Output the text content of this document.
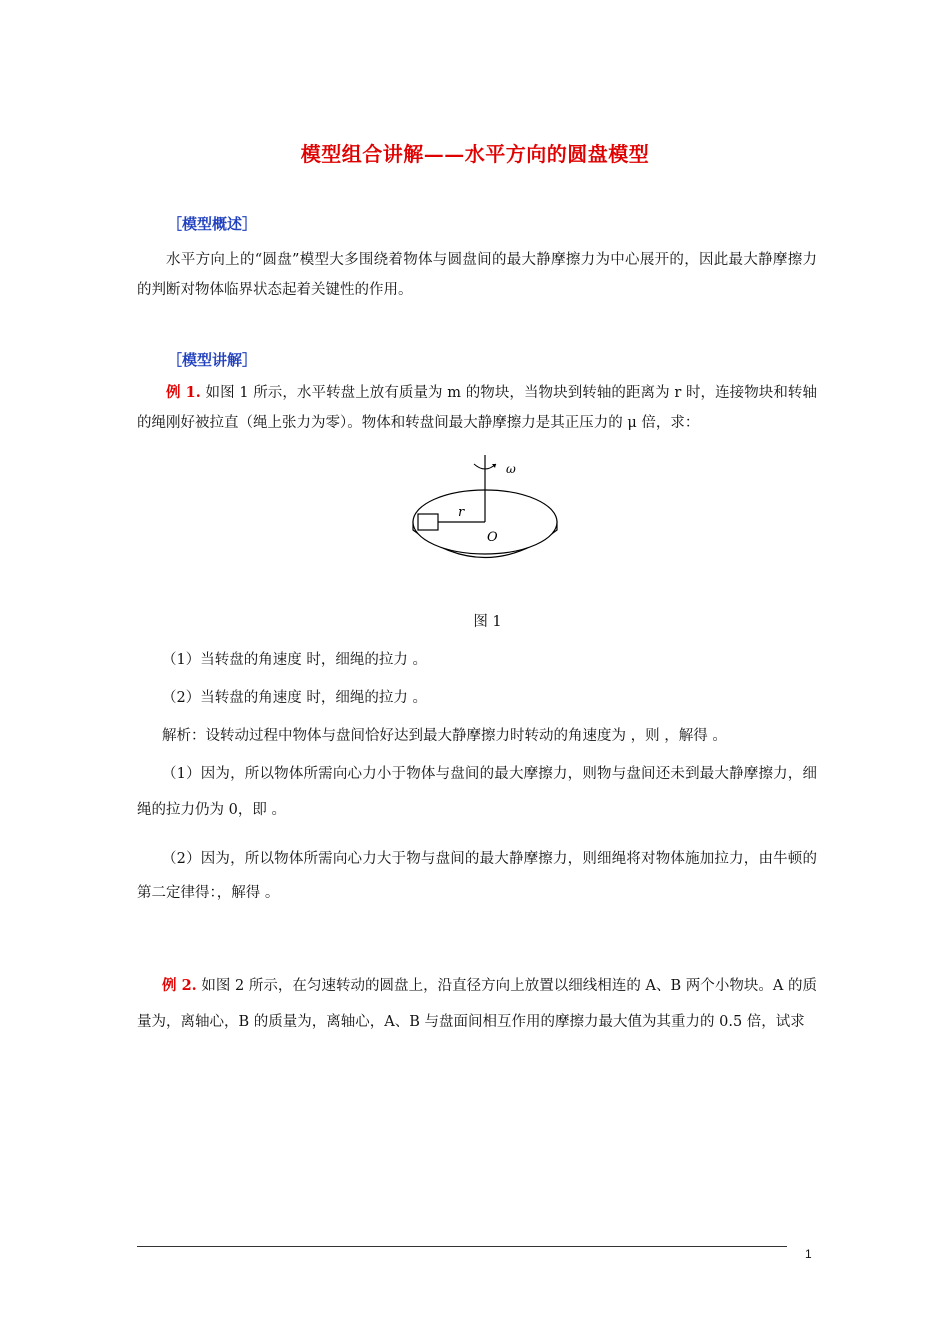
模型组合讲解——水平方向的圆盘模型
［模型概述］
水平方向上的“圆盘”模型大多围绕着物体与圆盘间的最大静摩擦力为中心展开的，因此最大静摩擦力的判断对物体临界状态起着关键性的作用。
［模型讲解］
例 1. 如图 1 所示，水平转盘上放有质量为 m 的物块，当物块到转轴的距离为 r 时，连接物块和转轴的绳刚好被拉直（绳上张力为零）。物体和转盘间最大静摩擦力是其正压力的 μ 倍，求：
ω
r
O
图 1
（1）当转盘的角速度 时，细绳的拉力 。
（2）当转盘的角速度 时，细绳的拉力 。
解析：设转动过程中物体与盘间恰好达到最大静摩擦力时转动的角速度为 ，则 ，解得 。
（1）因为，所以物体所需向心力小于物体与盘间的最大摩擦力，则物与盘间还未到最大静摩擦力，细绳的拉力仍为 0，即 。
（2）因为，所以物体所需向心力大于物与盘间的最大静摩擦力，则细绳将对物体施加拉力，由牛顿的第二定律得：，解得 。
例 2. 如图 2 所示，在匀速转动的圆盘上，沿直径方向上放置以细线相连的 A、B 两个小物块。A 的质量为，离轴心，B 的质量为，离轴心，A、B 与盘面间相互作用的摩擦力最大值为其重力的 0.5 倍，试求
1
